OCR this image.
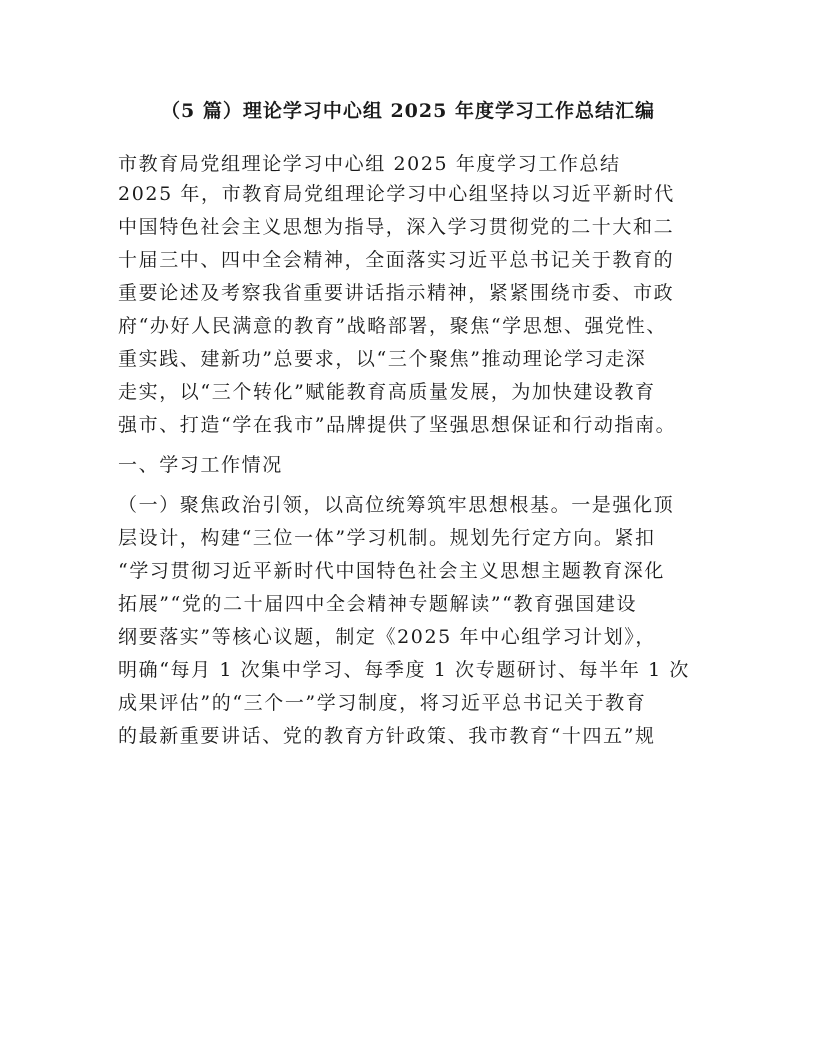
（5 篇）理论学习中心组 2025 年度学习工作总结汇编
市教育局党组理论学习中心组 2025 年度学习工作总结
2025 年，市教育局党组理论学习中心组坚持以习近平新时代
中国特色社会主义思想为指导，深入学习贯彻党的二十大和二
十届三中、四中全会精神，全面落实习近平总书记关于教育的
重要论述及考察我省重要讲话指示精神，紧紧围绕市委、市政
府“办好人民满意的教育”战略部署，聚焦“学思想、强党性、
重实践、建新功”总要求，以“三个聚焦”推动理论学习走深
走实，以“三个转化”赋能教育高质量发展，为加快建设教育
强市、打造“学在我市”品牌提供了坚强思想保证和行动指南。
一、学习工作情况
（一）聚焦政治引领，以高位统筹筑牢思想根基。一是强化顶
层设计，构建“三位一体”学习机制。规划先行定方向。紧扣
“学习贯彻习近平新时代中国特色社会主义思想主题教育深化
拓展”“党的二十届四中全会精神专题解读”“教育强国建设
纲要落实”等核心议题，制定《2025 年中心组学习计划》，
明确“每月 1 次集中学习、每季度 1 次专题研讨、每半年 1 次
成果评估”的“三个一”学习制度，将习近平总书记关于教育
的最新重要讲话、党的教育方针政策、我市教育“十四五”规
